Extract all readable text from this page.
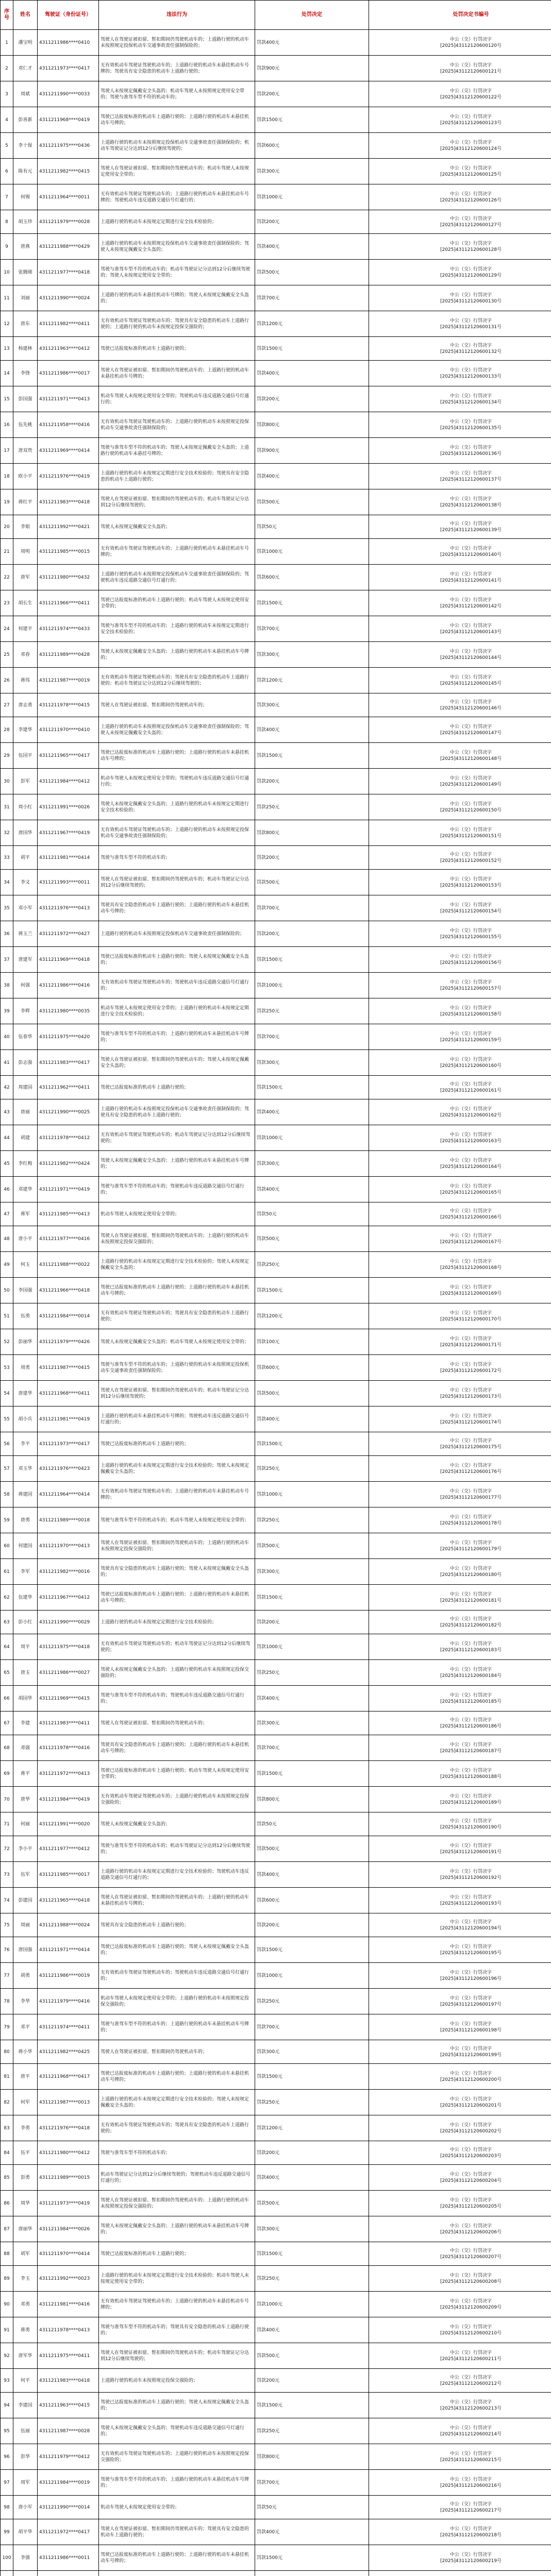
序号	姓名	驾驶证（身份证号）	违法行为	处罚决定	处罚决定书编号
1	潘宝明	4311211986****0410	驾驶人在驾驶证被扣留、暂扣期间仍驾驶机动车的；上道路行驶的机动车未按照规定投保机动车交通事故责任强制保险的；	罚款400元	中公（交）行罚决字
[2025]43112120600120号

2	邓仁才	4311211973****0417	无有效机动车驾驶证驾驶机动车的；上道路行驶的机动车未悬挂机动车号牌的；驾驶具有安全隐患的机动车上道路行驶的；	罚款900元	中公（交）行罚决字
[2025]43112120600121号

3	周斌	4311211990****0033	驾驶人未按规定佩戴安全头盔的；机动车驾驶人未按照规定使用安全带的；驾驶与准驾车型不符的机动车的；	罚款200元	中公（交）行罚决字
[2025]43112120600122号

4	彭喜新	4311211968****0419	驾驶已达报废标准的机动车上道路行驶的；上道路行驶的机动车未悬挂机动车号牌的；	罚款1500元	中公（交）行罚决字
[2025]43112120600123号

5	李十保	4311211975****0436	上道路行驶的机动车未按照规定投保机动车交通事故责任强制保险的；机动车驾驶证记分达到12分后继续驾驶的；	罚款600元	中公（交）行罚决字
[2025]43112120600124号

6	陈有元	4311211982****0415	驾驶人在驾驶证被扣留、暂扣期间仍驾驶机动车的；机动车驾驶人未按规定使用安全带的；	罚款300元	中公（交）行罚决字
[2025]43112120600125号

7	何锡	4311211964****0011	无有效机动车驾驶证驾驶机动车的；上道路行驶的机动车未悬挂机动车号牌的；驾驶机动车违反道路交通信号灯通行的；	罚款1000元	中公（交）行罚决字
[2025]43112120600126号

8	胡玉珍	4311211979****0028	上道路行驶的机动车未按规定定期进行安全技术检验的；	罚款200元	中公（交）行罚决字
[2025]43112120600127号

9	唐燕	4311211988****0429	上道路行驶的机动车未按照规定投保机动车交通事故责任强制保险的；驾驶人未按规定佩戴安全头盔的；	罚款400元	中公（交）行罚决字
[2025]43112120600128号

10	张腾刚	4311211977****0418	驾驶与准驾车型不符的机动车的；机动车驾驶证记分达到12分后继续驾驶的；驾驶人未按规定使用安全带的；	罚款500元	中公（交）行罚决字
[2025]43112120600129号

11	刘丽	4311211990****0024	上道路行驶的机动车未悬挂机动车号牌的；驾驶人未按规定佩戴安全头盔的；	罚款700元	中公（交）行罚决字
[2025]43112120600130号

12	唐东	4311211982****0411	无有效机动车驾驶证驾驶机动车的；驾驶具有安全隐患的机动车上道路行驶的；上道路行驶的机动车未按规定投保交强险的；	罚款1200元	中公（交）行罚决字
[2025]43112120600131号

13	杨建林	4311211963****0412	驾驶已达报废标准的机动车上道路行驶的；	罚款1500元	中公（交）行罚决字
[2025]43112120600132号

14	李锋	4311211986****0017	驾驶人在驾驶证被扣留、暂扣期间仍驾驶机动车的；上道路行驶的机动车未悬挂机动车号牌的；	罚款400元	中公（交）行罚决字
[2025]43112120600133号

15	彭国强	4311211971****0413	机动车驾驶人未按规定使用安全带的；驾驶机动车违反道路交通信号灯通行的；	罚款200元	中公（交）行罚决字
[2025]43112120600134号

16	伍先桃	4311211958****0416	无有效机动车驾驶证驾驶机动车的；上道路行驶的机动车未按照规定投保机动车交通事故责任强制保险的；	罚款800元	中公（交）行罚决字
[2025]43112120600135号

17	唐双贵	4311211969****0414	驾驶与准驾车型不符的机动车的；驾驶人未按规定佩戴安全头盔的；上道路行驶的机动车未悬挂号牌的；	罚款900元	中公（交）行罚决字
[2025]43112120600136号

18	欧小平	4311211976****0419	上道路行驶的机动车未按规定定期进行安全技术检验的；驾驶具有安全隐患的机动车上道路行驶的；	罚款400元	中公（交）行罚决字
[2025]43112120600137号

19	蒋红平	4311211983****0418	驾驶人在驾驶证被扣留、暂扣期间仍驾驶机动车的；机动车驾驶证记分达到12分后继续驾驶的；	罚款500元	中公（交）行罚决字
[2025]43112120600138号

20	李娟	4311211992****0421	驾驶人未按规定佩戴安全头盔的；	罚款50元	中公（交）行罚决字
[2025]43112120600139号

21	周明	4311211985****0015	无有效机动车驾驶证驾驶机动车的；上道路行驶的机动车未悬挂机动车号牌的；	罚款1000元	中公（交）行罚决字
[2025]43112120600140号

22	唐军	4311211980****0432	上道路行驶的机动车未按照规定投保机动车交通事故责任强制保险的；驾驶机动车违反道路交通信号灯通行的；	罚款600元	中公（交）行罚决字
[2025]43112120600141号

23	胡长生	4311211966****0411	驾驶已达报废标准的机动车上道路行驶的；机动车驾驶人未按规定使用安全带的；	罚款1500元	中公（交）行罚决字
[2025]43112120600142号

24	何建平	4311211974****0433	驾驶与准驾车型不符的机动车的；上道路行驶的机动车未按规定定期进行安全技术检验的；	罚款700元	中公（交）行罚决字
[2025]43112120600143号

25	邓春	4311211989****0428	驾驶人未按规定佩戴安全头盔的；上道路行驶的机动车未悬挂机动车号牌的；	罚款300元	中公（交）行罚决字
[2025]43112120600144号

26	蒋伟	4311211987****0019	无有效机动车驾驶证驾驶机动车的；驾驶具有安全隐患的机动车上道路行驶的；机动车驾驶证记分达到12分后继续驾驶的；	罚款1200元	中公（交）行罚决字
[2025]43112120600145号

27	唐志勇	4311211978****0415	驾驶人在驾驶证被扣留、暂扣期间仍驾驶机动车的；	罚款300元	中公（交）行罚决字
[2025]43112120600146号

28	李建华	4311211970****0410	上道路行驶的机动车未按照规定投保机动车交通事故责任强制保险的；驾驶人未按规定佩戴安全头盔的；	罚款400元	中公（交）行罚决字
[2025]43112120600147号

29	伍国平	4311211965****0417	驾驶已达报废标准的机动车上道路行驶的；上道路行驶的机动车未悬挂机动车号牌的；	罚款1500元	中公（交）行罚决字
[2025]43112120600148号

30	彭军	4311211984****0412	机动车驾驶人未按规定使用安全带的；驾驶机动车违反道路交通信号灯通行的；	罚款200元	中公（交）行罚决字
[2025]43112120600149号

31	周小红	4311211991****0026	驾驶人未按规定佩戴安全头盔的；上道路行驶的机动车未按规定定期进行安全技术检验的；	罚款250元	中公（交）行罚决字
[2025]43112120600150号

32	唐国华	4311211967****0419	无有效机动车驾驶证驾驶机动车的；上道路行驶的机动车未按照规定投保机动车交通事故责任强制保险的；	罚款800元	中公（交）行罚决字
[2025]43112120600151号

33	胡平	4311211981****0414	驾驶与准驾车型不符的机动车的；	罚款200元	中公（交）行罚决字
[2025]43112120600152号

34	李文	4311211993****0011	驾驶人在驾驶证被扣留、暂扣期间仍驾驶机动车的；机动车驾驶证记分达到12分后继续驾驶的；	罚款500元	中公（交）行罚决字
[2025]43112120600153号

35	邓小军	4311211976****0413	驾驶具有安全隐患的机动车上道路行驶的；上道路行驶的机动车未悬挂机动车号牌的；	罚款700元	中公（交）行罚决字
[2025]43112120600154号

36	蒋玉兰	4311211972****0427	上道路行驶的机动车未按照规定投保机动车交通事故责任强制保险的；	罚款200元	中公（交）行罚决字
[2025]43112120600155号

37	唐建军	4311211969****0418	驾驶已达报废标准的机动车上道路行驶的；驾驶人未按规定佩戴安全头盔的；	罚款1500元	中公（交）行罚决字
[2025]43112120600156号

38	何强	4311211986****0416	无有效机动车驾驶证驾驶机动车的；驾驶机动车违反道路交通信号灯通行的；	罚款1000元	中公（交）行罚决字
[2025]43112120600157号

39	李辉	4311211980****0035	机动车驾驶人未按规定使用安全带的；上道路行驶的机动车未按规定定期进行安全技术检验的；	罚款250元	中公（交）行罚决字
[2025]43112120600158号

40	伍春华	4311211975****0420	驾驶与准驾车型不符的机动车的；上道路行驶的机动车未悬挂机动车号牌的；	罚款700元	中公（交）行罚决字
[2025]43112120600159号

41	彭志强	4311211983****0417	驾驶人在驾驶证被扣留、暂扣期间仍驾驶机动车的；驾驶人未按规定佩戴安全头盔的；	罚款300元	中公（交）行罚决字
[2025]43112120600160号

42	周建国	4311211962****0411	驾驶已达报废标准的机动车上道路行驶的；	罚款1500元	中公（交）行罚决字
[2025]43112120600161号

43	唐丽	4311211990****0025	上道路行驶的机动车未按照规定投保机动车交通事故责任强制保险的；驾驶具有安全隐患的机动车上道路行驶的；	罚款400元	中公（交）行罚决字
[2025]43112120600162号

44	胡建	4311211978****0412	无有效机动车驾驶证驾驶机动车的；机动车驾驶证记分达到12分后继续驾驶的；	罚款1000元	中公（交）行罚决字
[2025]43112120600163号

45	李红梅	4311211982****0424	驾驶人未按规定佩戴安全头盔的；上道路行驶的机动车未悬挂机动车号牌的；	罚款300元	中公（交）行罚决字
[2025]43112120600164号

46	邓建华	4311211971****0419	驾驶与准驾车型不符的机动车的；驾驶机动车违反道路交通信号灯通行的；	罚款400元	中公（交）行罚决字
[2025]43112120600165号

47	蒋军	4311211985****0413	机动车驾驶人未按规定使用安全带的；	罚款50元	中公（交）行罚决字
[2025]43112120600166号

48	唐小平	4311211977****0416	驾驶人在驾驶证被扣留、暂扣期间仍驾驶机动车的；上道路行驶的机动车未按照规定投保交强险的；	罚款500元	中公（交）行罚决字
[2025]43112120600167号

49	何玉	4311211988****0022	上道路行驶的机动车未按规定定期进行安全技术检验的；驾驶人未按规定佩戴安全头盔的；	罚款250元	中公（交）行罚决字
[2025]43112120600168号

50	李国强	4311211966****0418	驾驶已达报废标准的机动车上道路行驶的；上道路行驶的机动车未悬挂机动车号牌的；	罚款1500元	中公（交）行罚决字
[2025]43112120600169号

51	伍勇	4311211984****0014	无有效机动车驾驶证驾驶机动车的；驾驶具有安全隐患的机动车上道路行驶的；	罚款1200元	中公（交）行罚决字
[2025]43112120600170号

52	彭丽华	4311211979****0426	驾驶人未按规定佩戴安全头盔的；机动车驾驶人未按规定使用安全带的；	罚款100元	中公（交）行罚决字
[2025]43112120600171号

53	周勇	4311211987****0415	驾驶与准驾车型不符的机动车的；上道路行驶的机动车未按照规定投保机动车交通事故责任强制保险的；	罚款600元	中公（交）行罚决字
[2025]43112120600172号

54	唐建华	4311211968****0411	驾驶人在驾驶证被扣留、暂扣期间仍驾驶机动车的；机动车驾驶证记分达到12分后继续驾驶的；	罚款500元	中公（交）行罚决字
[2025]43112120600173号

55	胡小兵	4311211981****0419	上道路行驶的机动车未悬挂机动车号牌的；驾驶机动车违反道路交通信号灯通行的；	罚款400元	中公（交）行罚决字
[2025]43112120600174号

56	李平	4311211973****0417	驾驶已达报废标准的机动车上道路行驶的；	罚款1500元	中公（交）行罚决字
[2025]43112120600175号

57	邓玉华	4311211976****0423	上道路行驶的机动车未按规定定期进行安全技术检验的；驾驶人未按规定佩戴安全头盔的；	罚款250元	中公（交）行罚决字
[2025]43112120600176号

58	蒋建国	4311211964****0414	无有效机动车驾驶证驾驶机动车的；上道路行驶的机动车未悬挂机动车号牌的；	罚款1000元	中公（交）行罚决字
[2025]43112120600177号

59	唐勇	4311211989****0018	驾驶与准驾车型不符的机动车的；机动车驾驶人未按规定使用安全带的；	罚款250元	中公（交）行罚决字
[2025]43112120600178号

60	何建国	4311211970****0413	驾驶人在驾驶证被扣留、暂扣期间仍驾驶机动车的；上道路行驶的机动车未按照规定投保交强险的；	罚款500元	中公（交）行罚决字
[2025]43112120600179号

61	李军	4311211982****0016	驾驶具有安全隐患的机动车上道路行驶的；驾驶人未按规定佩戴安全头盔的；	罚款300元	中公（交）行罚决字
[2025]43112120600180号

62	伍建华	4311211967****0412	驾驶已达报废标准的机动车上道路行驶的；上道路行驶的机动车未悬挂机动车号牌的；	罚款1500元	中公（交）行罚决字
[2025]43112120600181号

63	彭小红	4311211990****0029	上道路行驶的机动车未按规定定期进行安全技术检验的；	罚款200元	中公（交）行罚决字
[2025]43112120600182号

64	周平	4311211975****0418	无有效机动车驾驶证驾驶机动车的；机动车驾驶证记分达到12分后继续驾驶的；	罚款1000元	中公（交）行罚决字
[2025]43112120600183号

65	唐玉	4311211986****0027	驾驶人未按规定佩戴安全头盔的；上道路行驶的机动车未按照规定投保交强险的；	罚款250元	中公（交）行罚决字
[2025]43112120600184号

66	胡国华	4311211969****0415	驾驶与准驾车型不符的机动车的；驾驶机动车违反道路交通信号灯通行的；	罚款400元	中公（交）行罚决字
[2025]43112120600185号

67	李建	4311211983****0411	驾驶人在驾驶证被扣留、暂扣期间仍驾驶机动车的；	罚款300元	中公（交）行罚决字
[2025]43112120600186号

68	邓强	4311211978****0416	驾驶具有安全隐患的机动车上道路行驶的；上道路行驶的机动车未悬挂机动车号牌的；	罚款700元	中公（交）行罚决字
[2025]43112120600187号

69	蒋平	4311211972****0413	驾驶已达报废标准的机动车上道路行驶的；机动车驾驶人未按规定使用安全带的；	罚款1500元	中公（交）行罚决字
[2025]43112120600188号

70	唐华	4311211984****0419	无有效机动车驾驶证驾驶机动车的；上道路行驶的机动车未按照规定投保交强险的；	罚款800元	中公（交）行罚决字
[2025]43112120600189号

71	何丽	4311211991****0020	驾驶人未按规定佩戴安全头盔的；	罚款50元	中公（交）行罚决字
[2025]43112120600190号

72	李小平	4311211977****0412	驾驶与准驾车型不符的机动车的；机动车驾驶证记分达到12分后继续驾驶的；	罚款500元	中公（交）行罚决字
[2025]43112120600191号

73	伍军	4311211985****0017	上道路行驶的机动车未按规定定期进行安全技术检验的；驾驶机动车违反道路交通信号灯通行的；	罚款400元	中公（交）行罚决字
[2025]43112120600192号

74	彭建国	4311211965****0418	驾驶人在驾驶证被扣留、暂扣期间仍驾驶机动车的；上道路行驶的机动车未悬挂机动车号牌的；	罚款600元	中公（交）行罚决字
[2025]43112120600193号

75	周丽	4311211988****0024	驾驶具有安全隐患的机动车上道路行驶的；	罚款200元	中公（交）行罚决字
[2025]43112120600194号

76	唐国强	4311211971****0414	驾驶已达报废标准的机动车上道路行驶的；驾驶人未按规定佩戴安全头盔的；	罚款1500元	中公（交）行罚决字
[2025]43112120600195号

77	胡勇	4311211986****0019	无有效机动车驾驶证驾驶机动车的；驾驶机动车违反道路交通信号灯通行的；	罚款1000元	中公（交）行罚决字
[2025]43112120600196号

78	李华	4311211979****0416	机动车驾驶人未按规定使用安全带的；上道路行驶的机动车未按照规定投保交强险的；	罚款250元	中公（交）行罚决字
[2025]43112120600197号

79	邓平	4311211974****0411	驾驶与准驾车型不符的机动车的；上道路行驶的机动车未悬挂机动车号牌的；	罚款700元	中公（交）行罚决字
[2025]43112120600198号

80	蒋小华	4311211982****0425	驾驶人在驾驶证被扣留、暂扣期间仍驾驶机动车的；	罚款300元	中公（交）行罚决字
[2025]43112120600199号

81	唐平	4311211968****0417	驾驶已达报废标准的机动车上道路行驶的；上道路行驶的机动车未悬挂机动车号牌的；	罚款1500元	中公（交）行罚决字
[2025]43112120600200号

82	何军	4311211987****0013	上道路行驶的机动车未按规定定期进行安全技术检验的；驾驶人未按规定佩戴安全头盔的；	罚款250元	中公（交）行罚决字
[2025]43112120600201号

83	李勇	4311211976****0418	无有效机动车驾驶证驾驶机动车的；驾驶具有安全隐患的机动车上道路行驶的；	罚款1200元	中公（交）行罚决字
[2025]43112120600202号

84	伍平	4311211980****0412	驾驶与准驾车型不符的机动车的；	罚款200元	中公（交）行罚决字
[2025]43112120600203号

85	彭勇	4311211989****0015	机动车驾驶证记分达到12分后继续驾驶的；驾驶机动车违反道路交通信号灯通行的；	罚款400元	中公（交）行罚决字
[2025]43112120600204号

86	周华	4311211973****0419	驾驶人在驾驶证被扣留、暂扣期间仍驾驶机动车的；上道路行驶的机动车未按照规定投保交强险的；	罚款500元	中公（交）行罚决字
[2025]43112120600205号

87	唐丽华	4311211984****0026	驾驶人未按规定佩戴安全头盔的；上道路行驶的机动车未悬挂机动车号牌的；	罚款300元	中公（交）行罚决字
[2025]43112120600206号

88	胡军	4311211970****0414	驾驶已达报废标准的机动车上道路行驶的；	罚款1500元	中公（交）行罚决字
[2025]43112120600207号

89	李玉	4311211992****0023	上道路行驶的机动车未按规定定期进行安全技术检验的；机动车驾驶人未按规定使用安全带的；	罚款250元	中公（交）行罚决字
[2025]43112120600208号

90	邓勇	4311211981****0416	无有效机动车驾驶证驾驶机动车的；上道路行驶的机动车未悬挂机动车号牌的；	罚款1000元	中公（交）行罚决字
[2025]43112120600209号

91	蒋勇	4311211978****0413	驾驶与准驾车型不符的机动车的；驾驶具有安全隐患的机动车上道路行驶的；	罚款400元	中公（交）行罚决字
[2025]43112120600210号

92	唐军华	4311211975****0411	驾驶人在驾驶证被扣留、暂扣期间仍驾驶机动车的；机动车驾驶证记分达到12分后继续驾驶的；	罚款500元	中公（交）行罚决字
[2025]43112120600211号

93	何平	4311211983****0418	上道路行驶的机动车未按照规定投保交强险的；	罚款200元	中公（交）行罚决字
[2025]43112120600212号

94	李建国	4311211963****0415	驾驶已达报废标准的机动车上道路行驶的；驾驶人未按规定佩戴安全头盔的；	罚款1500元	中公（交）行罚决字
[2025]43112120600213号

95	伍丽	4311211987****0028	驾驶人未按规定佩戴安全头盔的；驾驶机动车违反道路交通信号灯通行的；	罚款250元	中公（交）行罚决字
[2025]43112120600214号

96	彭华	4311211979****0412	无有效机动车驾驶证驾驶机动车的；上道路行驶的机动车未按照规定投保交强险的；	罚款800元	中公（交）行罚决字
[2025]43112120600215号

97	周军	4311211984****0019	驾驶与准驾车型不符的机动车的；上道路行驶的机动车未悬挂机动车号牌的；	罚款700元	中公（交）行罚决字
[2025]43112120600216号

98	唐小军	4311211990****0014	机动车驾驶人未按规定使用安全带的；	罚款50元	中公（交）行罚决字
[2025]43112120600217号

99	胡平华	4311211972****0417	驾驶人在驾驶证被扣留、暂扣期间仍驾驶机动车的；驾驶具有安全隐患的机动车上道路行驶的；	罚款400元	中公（交）行罚决字
[2025]43112120600218号

100	李强	4311211986****0011	驾驶已达报废标准的机动车上道路行驶的；上道路行驶的机动车未悬挂机动车号牌的；	罚款1500元	中公（交）行罚决字
[2025]43112120600219号
